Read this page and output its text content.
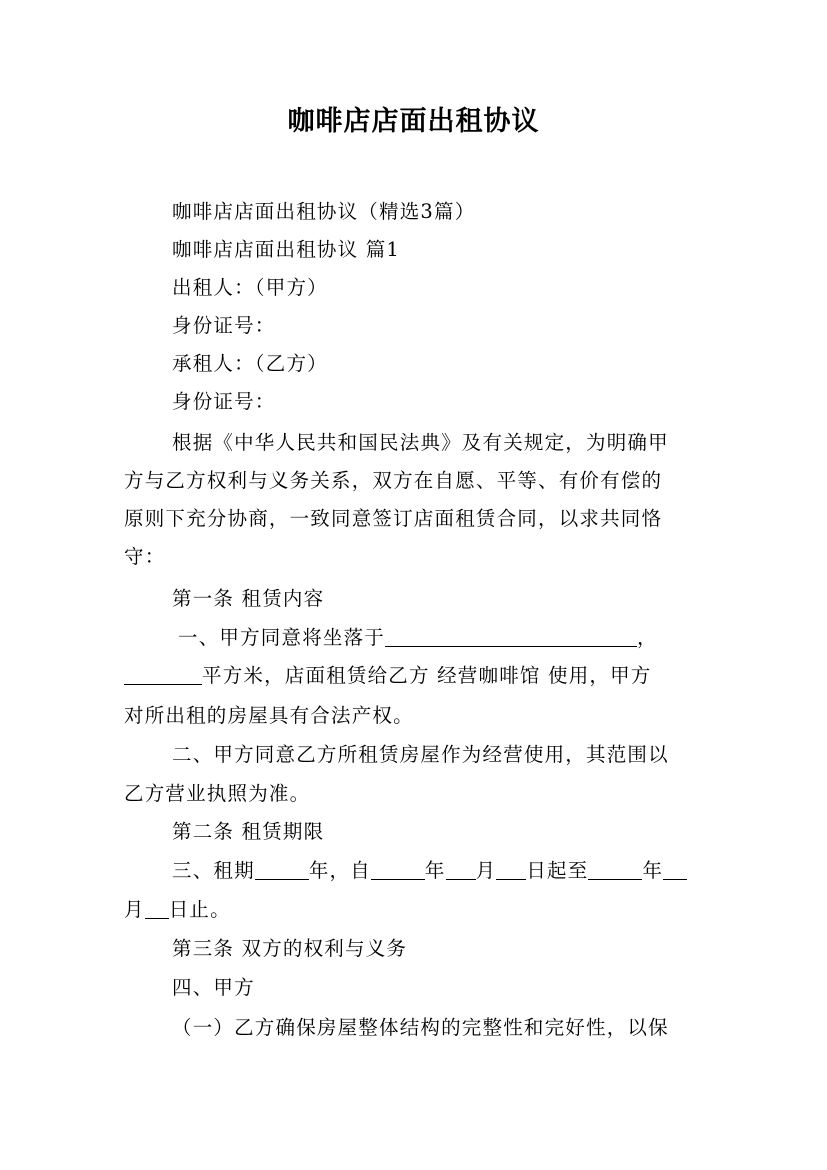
咖啡店店面出租协议
咖啡店店面出租协议（精选3篇）
咖啡店店面出租协议 篇1
出租人：（甲方）
身份证号：
承租人：（乙方）
身份证号：
根据《中华人民共和国民法典》及有关规定，为明确甲
方与乙方权利与义务关系，双方在自愿、平等、有价有偿的
原则下充分协商，一致同意签订店面租赁合同，以求共同恪
守：
第一条 租赁内容
一、甲方同意将坐落于	，
平方米，店面租赁给乙方 经营咖啡馆 使用，甲方
对所出租的房屋具有合法产权。
二、甲方同意乙方所租赁房屋作为经营使用，其范围以
乙方营业执照为准。
第二条 租赁期限
三、租期	年，自	年 月 日起至	年
月 日止。
第三条 双方的权利与义务
四、甲方
（一）乙方确保房屋整体结构的完整性和完好性，以保
